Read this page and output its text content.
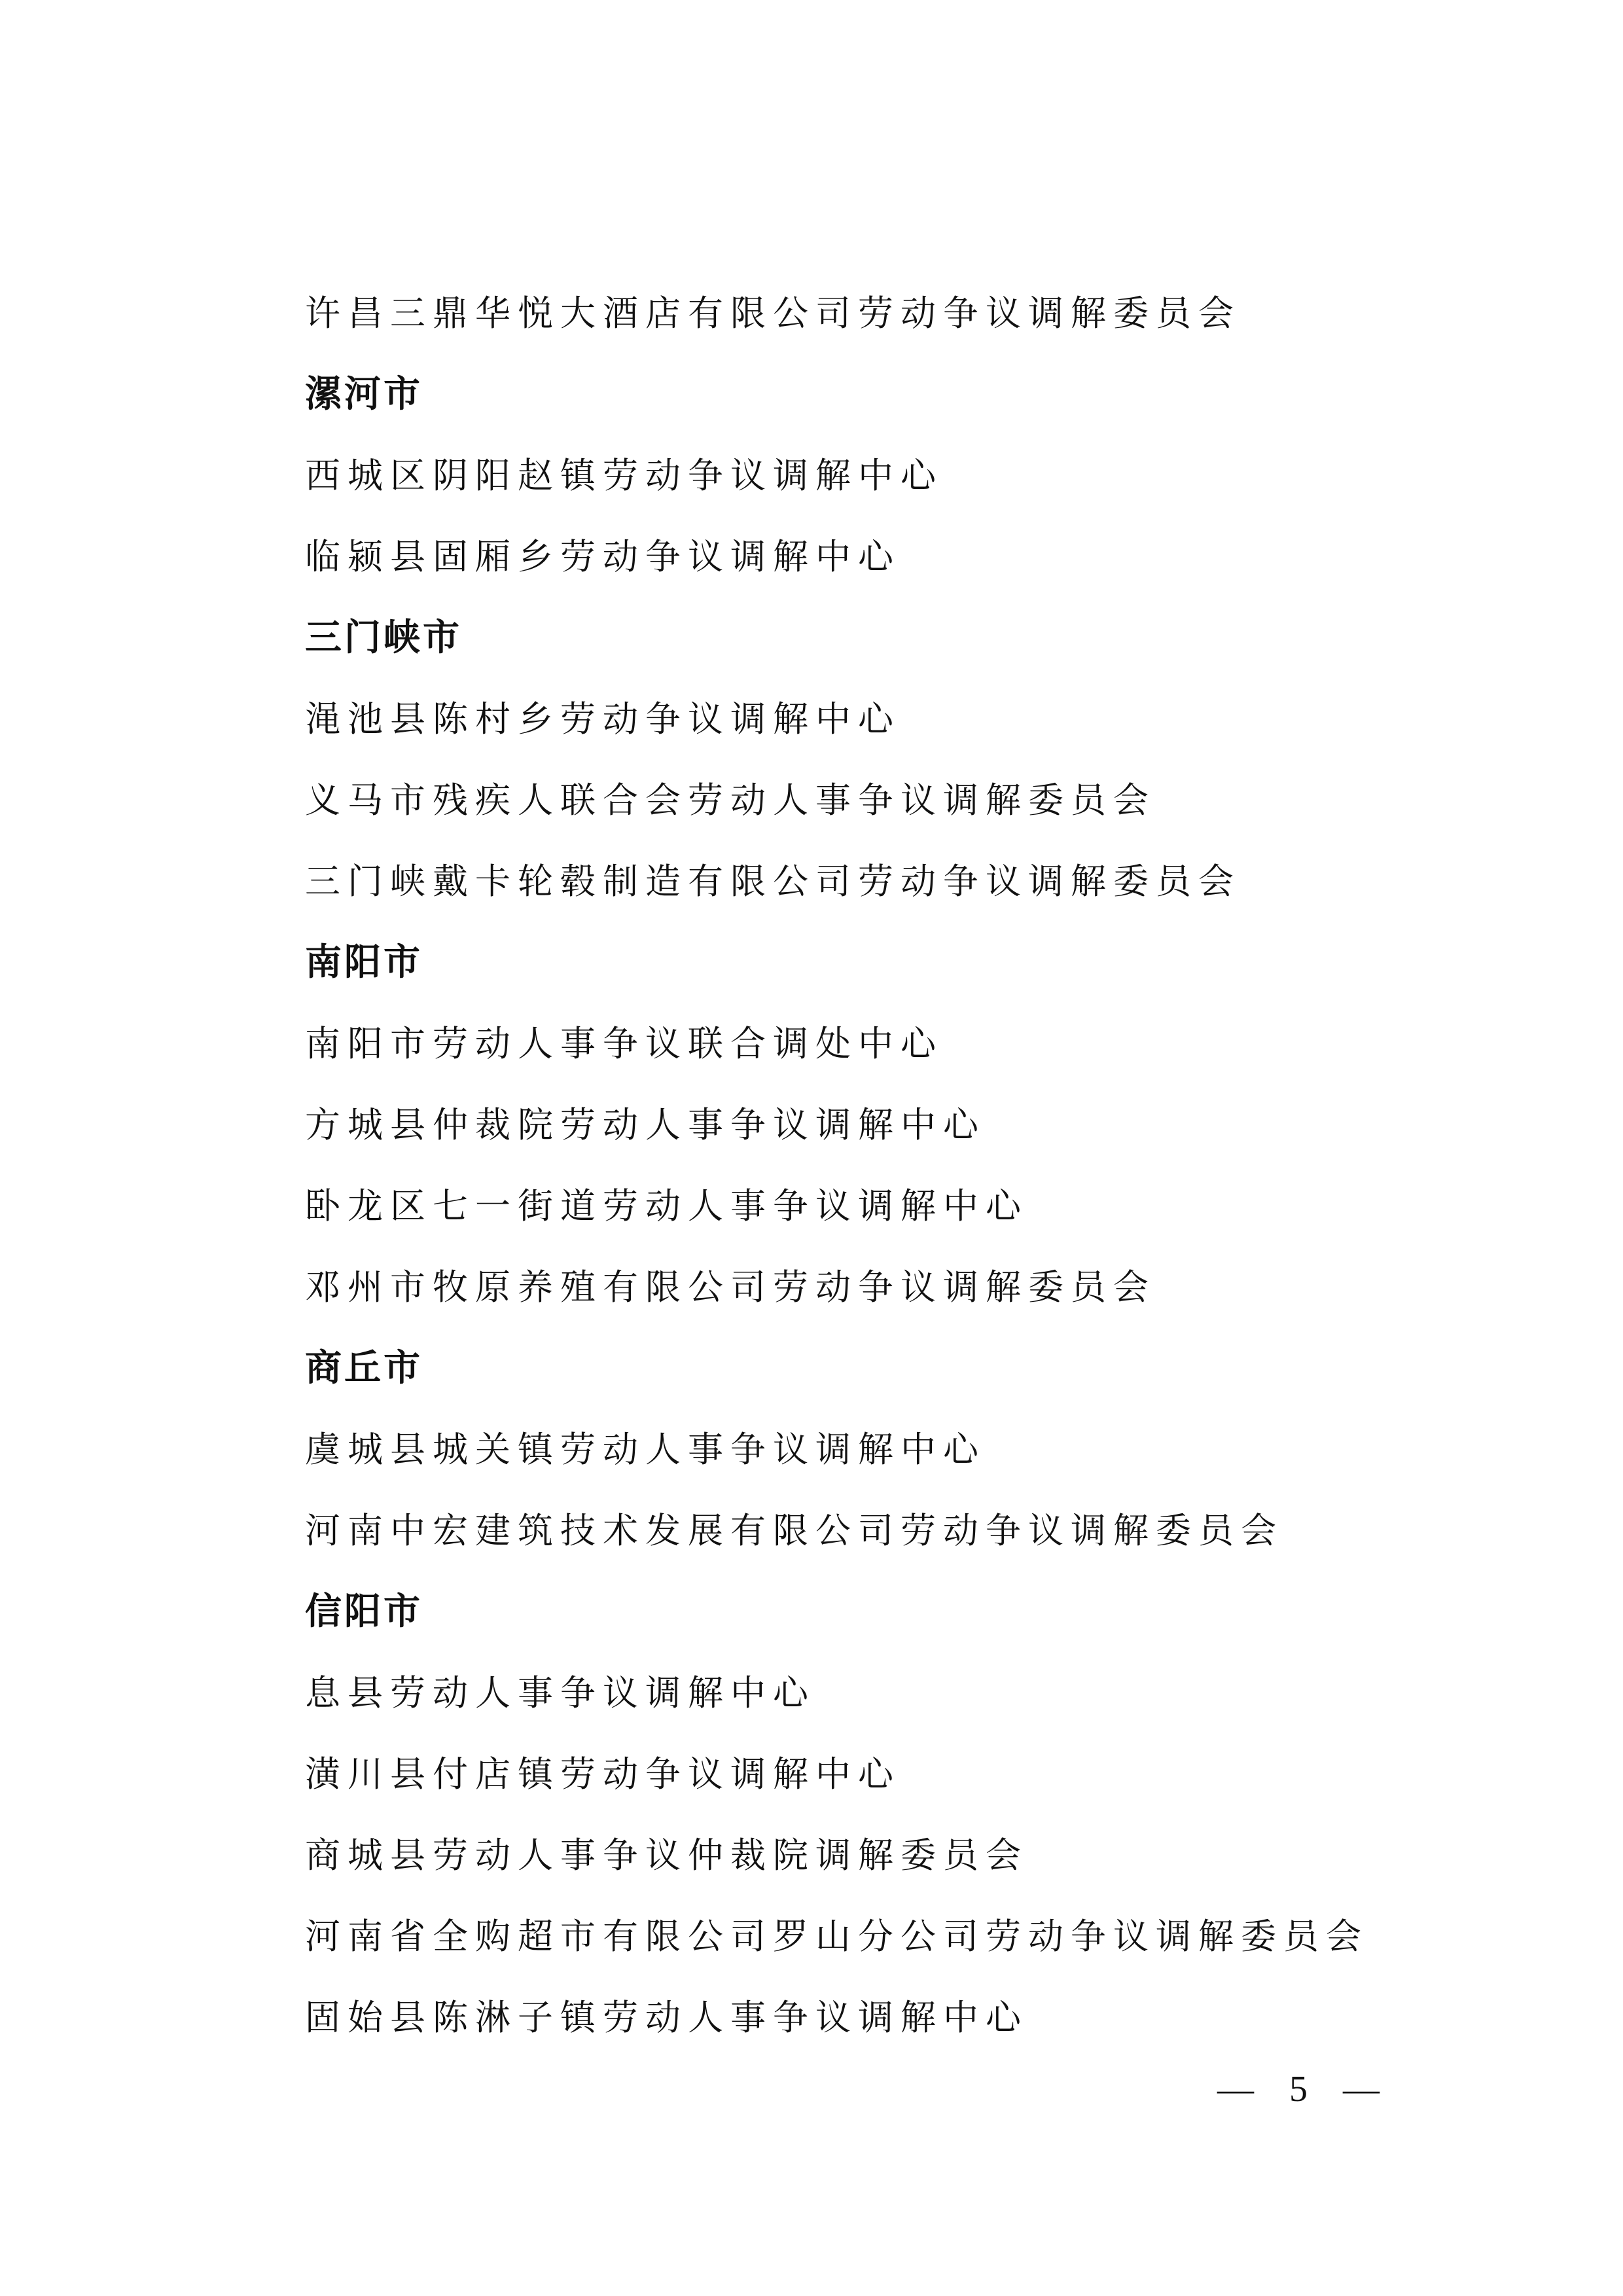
许昌三鼎华悦大酒店有限公司劳动争议调解委员会
漯河市
西城区阴阳赵镇劳动争议调解中心
临颍县固厢乡劳动争议调解中心
三门峡市
渑池县陈村乡劳动争议调解中心
义马市残疾人联合会劳动人事争议调解委员会
三门峡戴卡轮毂制造有限公司劳动争议调解委员会
南阳市
南阳市劳动人事争议联合调处中心
方城县仲裁院劳动人事争议调解中心
卧龙区七一街道劳动人事争议调解中心
邓州市牧原养殖有限公司劳动争议调解委员会
商丘市
虞城县城关镇劳动人事争议调解中心
河南中宏建筑技术发展有限公司劳动争议调解委员会
信阳市
息县劳动人事争议调解中心
潢川县付店镇劳动争议调解中心
商城县劳动人事争议仲裁院调解委员会
河南省全购超市有限公司罗山分公司劳动争议调解委员会
固始县陈淋子镇劳动人事争议调解中心
— 5 —
